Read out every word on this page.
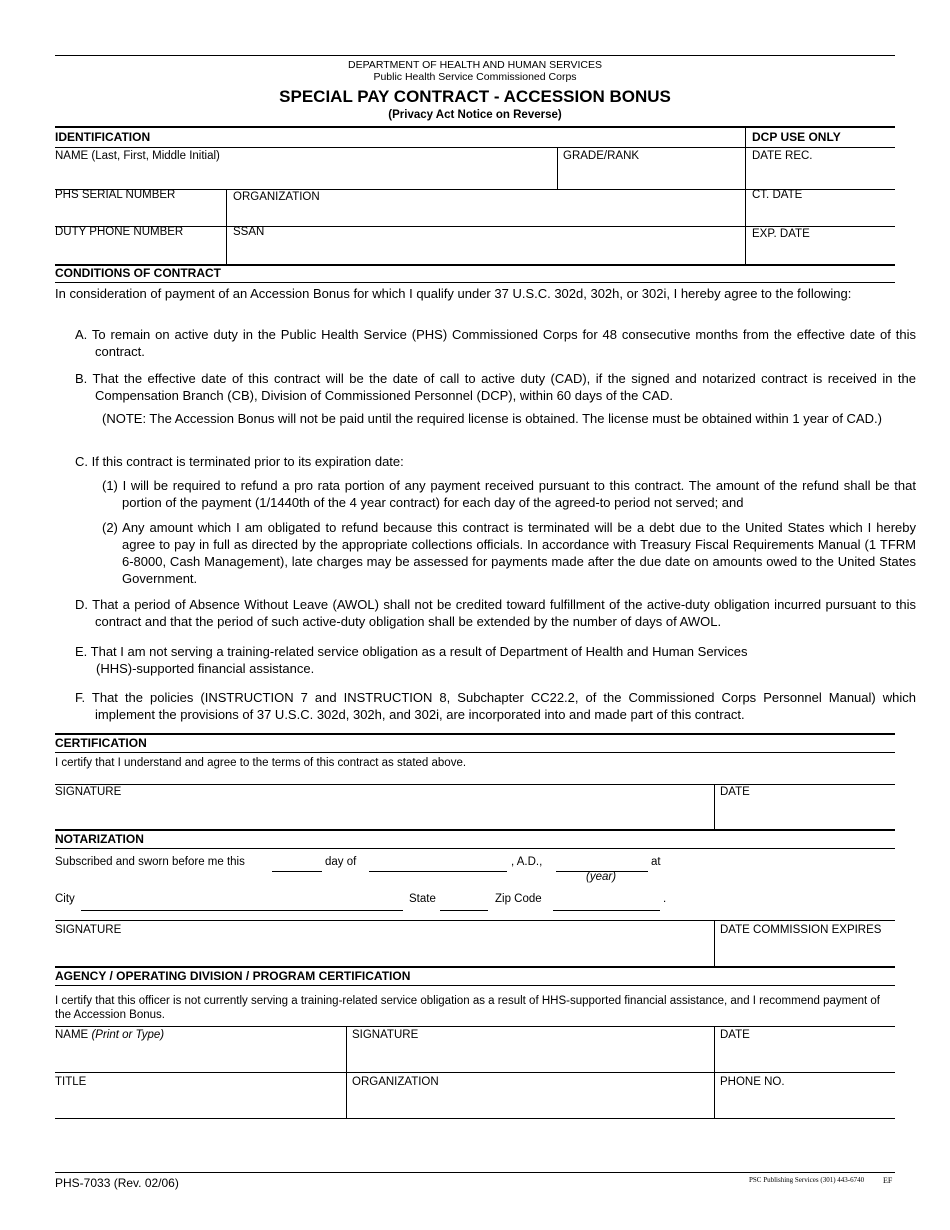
DEPARTMENT OF HEALTH AND HUMAN SERVICES
Public Health Service Commissioned Corps
SPECIAL PAY CONTRACT - ACCESSION BONUS
(Privacy Act Notice on Reverse)
IDENTIFICATION	DCP USE ONLY
NAME (Last, First, Middle Initial)	GRADE/RANK	DATE REC.
PHS SERIAL NUMBER	ORGANIZATION	CT. DATE
DUTY PHONE NUMBER	SSAN	EXP. DATE
CONDITIONS OF CONTRACT
In consideration of payment of an Accession Bonus for which I qualify under 37 U.S.C. 302d, 302h, or 302i, I hereby agree to the following:
A. To remain on active duty in the Public Health Service (PHS) Commissioned Corps for 48 consecutive months from the effective date of this contract.
B. That the effective date of this contract will be the date of call to active duty (CAD), if the signed and notarized contract is received in the Compensation Branch (CB), Division of Commissioned Personnel (DCP), within 60 days of the CAD.
(NOTE: The Accession Bonus will not be paid until the required license is obtained. The license must be obtained within 1 year of CAD.)
C. If this contract is terminated prior to its expiration date:
(1) I will be required to refund a pro rata portion of any payment received pursuant to this contract. The amount of the refund shall be that portion of the payment (1/1440th of the 4 year contract) for each day of the agreed-to period not served; and
(2) Any amount which I am obligated to refund because this contract is terminated will be a debt due to the United States which I hereby agree to pay in full as directed by the appropriate collections officials. In accordance with Treasury Fiscal Requirements Manual (1 TFRM 6-8000, Cash Management), late charges may be assessed for payments made after the due date on amounts owed to the United States Government.
D. That a period of Absence Without Leave (AWOL) shall not be credited toward fulfillment of the active-duty obligation incurred pursuant to this contract and that the period of such active-duty obligation shall be extended by the number of days of AWOL.
E. That I am not serving a training-related service obligation as a result of Department of Health and Human Services
(HHS)-supported financial assistance.
F. That the policies (INSTRUCTION 7 and INSTRUCTION 8, Subchapter CC22.2, of the Commissioned Corps Personnel Manual) which implement the provisions of 37 U.S.C. 302d, 302h, and 302i, are incorporated into and made part of this contract.
CERTIFICATION
I certify that I understand and agree to the terms of this contract as stated above.
SIGNATURE	DATE
NOTARIZATION
Subscribed and sworn before me this	day of	, A.D.,	at
(year)
City	State	Zip Code	.
SIGNATURE	DATE COMMISSION EXPIRES
AGENCY / OPERATING DIVISION / PROGRAM CERTIFICATION
I certify that this officer is not currently serving a training-related service obligation as a result of HHS-supported financial assistance, and I recommend payment of the Accession Bonus.
NAME (Print or Type)	SIGNATURE	DATE
TITLE	ORGANIZATION	PHONE NO.
PHS-7033 (Rev. 02/06)	PSC Publishing Services (301) 443-6740 EF
